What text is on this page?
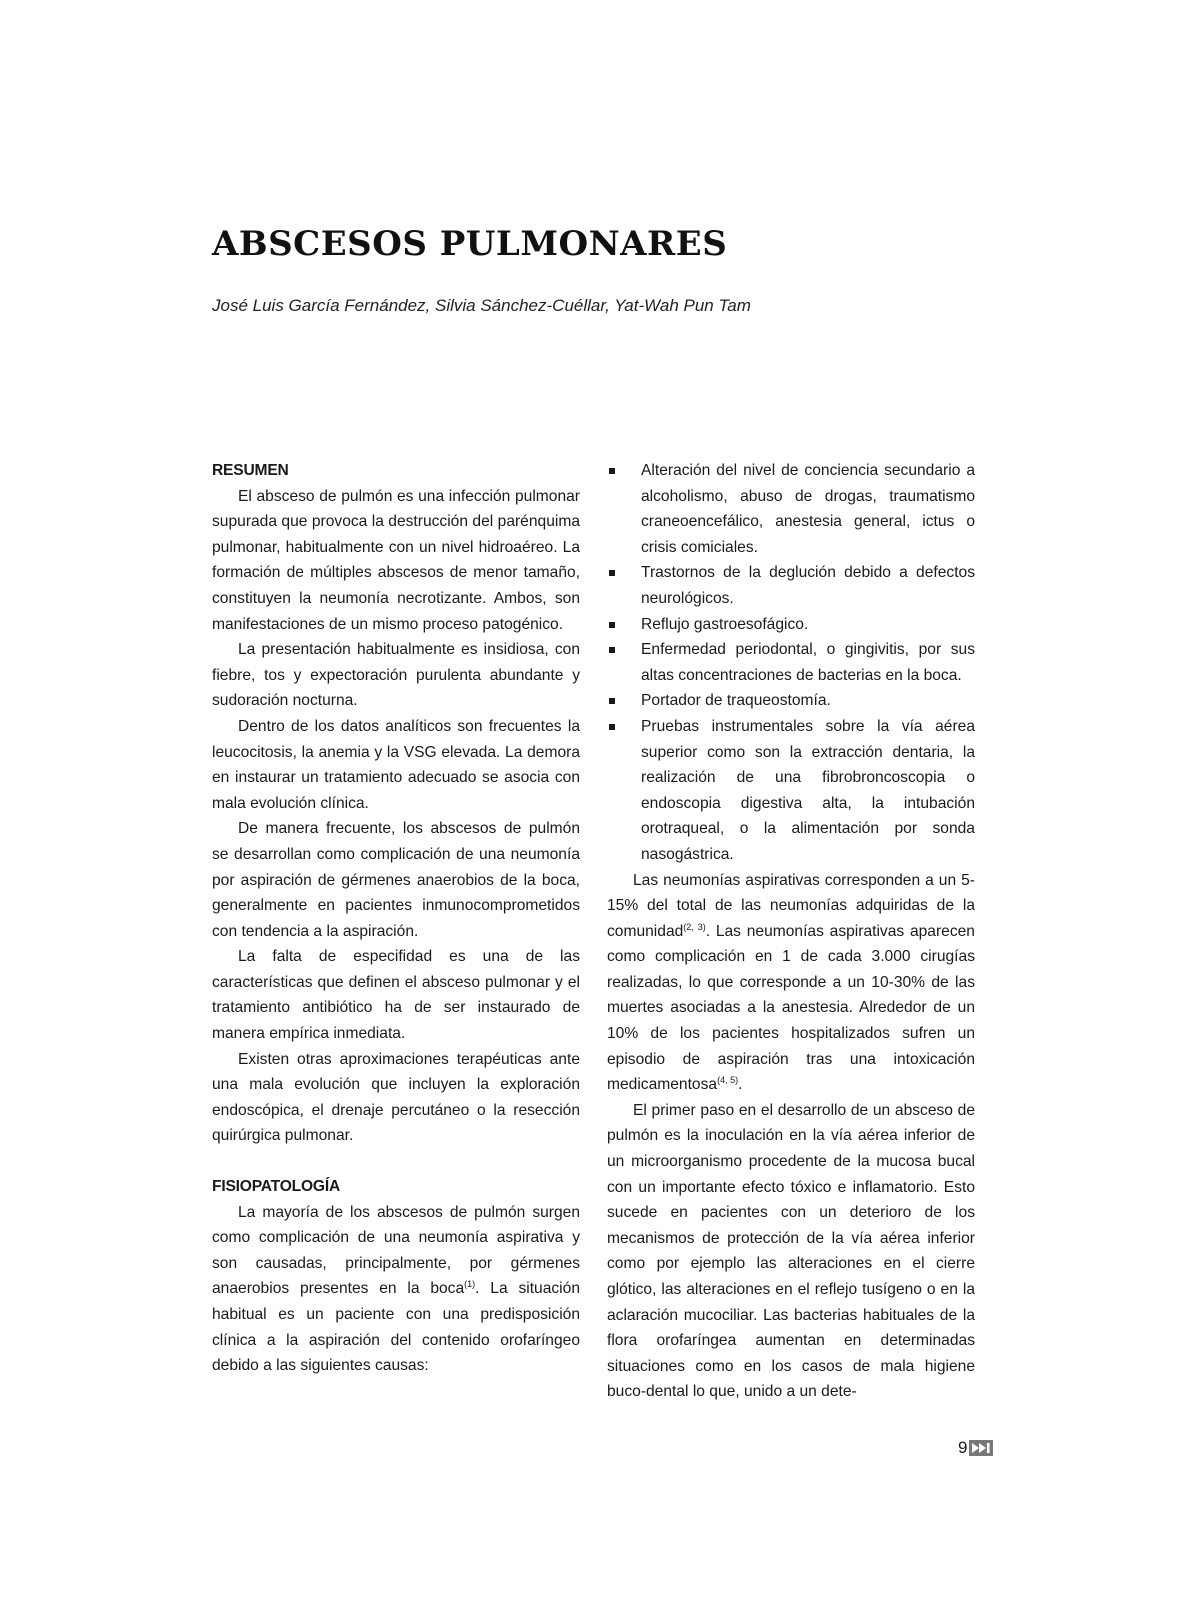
ABSCESOS PULMONARES

José Luis García Fernández, Silvia Sánchez-Cuéllar, Yat-Wah Pun Tam

RESUMEN

El absceso de pulmón es una infección pulmonar supurada que provoca la destrucción del parénquima pulmonar, habitualmente con un nivel hidroaéreo. La formación de múltiples abscesos de menor tamaño, constituyen la neumonía necrotizante. Ambos, son manifestaciones de un mismo proceso patogénico.

La presentación habitualmente es insidiosa, con fiebre, tos y expectoración purulenta abundante y sudoración nocturna.

Dentro de los datos analíticos son frecuentes la leucocitosis, la anemia y la VSG elevada. La demora en instaurar un tratamiento adecuado se asocia con mala evolución clínica.

De manera frecuente, los abscesos de pulmón se desarrollan como complicación de una neumonía por aspiración de gérmenes anaerobios de la boca, generalmente en pacientes inmunocomprometidos con tendencia a la aspiración.

La falta de especifidad es una de las características que definen el absceso pulmonar y el tratamiento antibiótico ha de ser instaurado de manera empírica inmediata.

Existen otras aproximaciones terapéuticas ante una mala evolución que incluyen la exploración endoscópica, el drenaje percutáneo o la resección quirúrgica pulmonar.

FISIOPATOLOGÍA

La mayoría de los abscesos de pulmón surgen como complicación de una neumonía aspirativa y son causadas, principalmente, por gérmenes anaerobios presentes en la boca$^{(1)}$. La situación habitual es un paciente con una predisposición clínica a la aspiración del contenido orofaríngeo debido a las siguientes causas:

Alteración del nivel de conciencia secundario a alcoholismo, abuso de drogas, traumatismo craneoencefálico, anestesia general, ictus o crisis comiciales.
Trastornos de la deglución debido a defectos neurológicos.
Reflujo gastroesofágico.
Enfermedad periodontal, o gingivitis, por sus altas concentraciones de bacterias en la boca.
Portador de traqueostomía.
Pruebas instrumentales sobre la vía aérea superior como son la extracción dentaria, la realización de una fibrobroncoscopia o endoscopia digestiva alta, la intubación orotraqueal, o la alimentación por sonda nasogástrica.

Las neumonías aspirativas corresponden a un 5-15% del total de las neumonías adquiridas de la comunidad$^{(2, 3)}$. Las neumonías aspirativas aparecen como complicación en 1 de cada 3.000 cirugías realizadas, lo que corresponde a un 10-30% de las muertes asociadas a la anestesia. Alrededor de un 10% de los pacientes hospitalizados sufren un episodio de aspiración tras una intoxicación medicamentosa$^{(4, 5)}$.

El primer paso en el desarrollo de un absceso de pulmón es la inoculación en la vía aérea inferior de un microorganismo procedente de la mucosa bucal con un importante efecto tóxico e inflamatorio. Esto sucede en pacientes con un deterioro de los mecanismos de protección de la vía aérea inferior como por ejemplo las alteraciones en el cierre glótico, las alteraciones en el reflejo tusígeno o en la aclaración mucociliar. Las bacterias habituales de la flora orofaríngea aumentan en determinadas situaciones como en los casos de mala higiene buco-dental lo que, unido a un dete-

9
